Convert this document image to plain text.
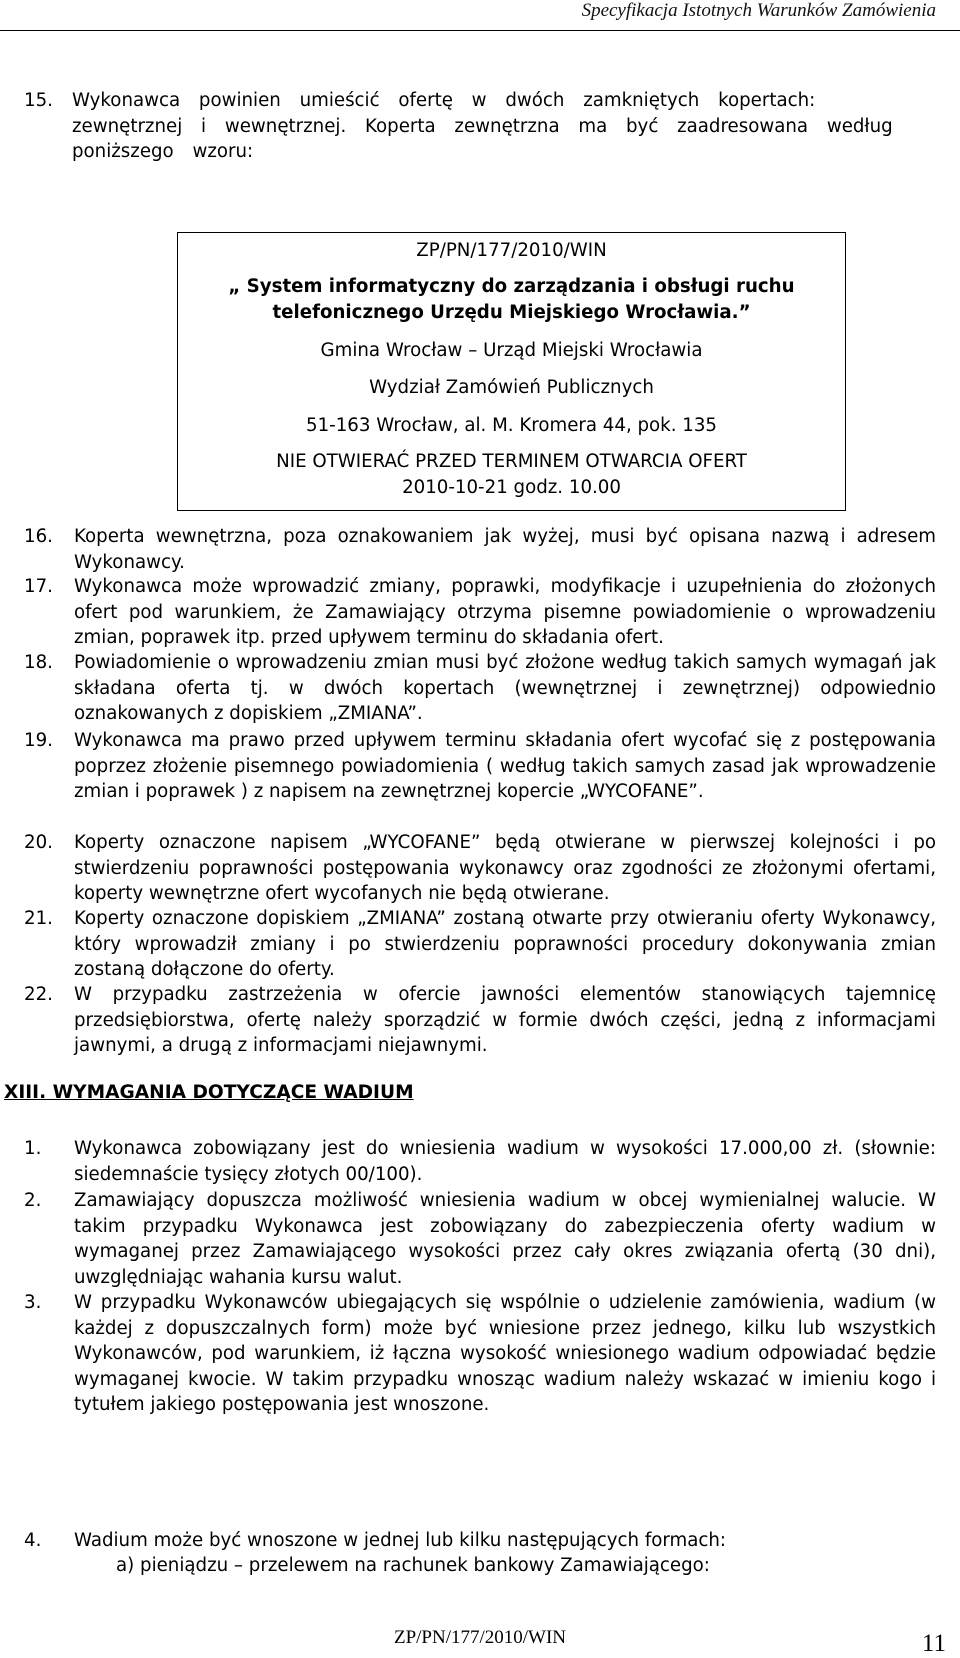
Specyfikacja Istotnych Warunków Zamówienia
15. Wykonawca powinien umieścić ofertę w dwóch zamkniętych kopertach: zewnętrznej i wewnętrznej. Koperta zewnętrzna ma być zaadresowana według poniższego wzoru:
ZP/PN/177/2010/WIN
„ System informatyczny do zarządzania i obsługi ruchu
telefonicznego Urzędu Miejskiego Wrocławia.”
Gmina Wrocław – Urząd Miejski Wrocławia
Wydział Zamówień Publicznych
51-163 Wrocław, al. M. Kromera 44, pok. 135
NIE OTWIERAĆ PRZED TERMINEM OTWARCIA OFERT
2010-10-21 godz. 10.00
16. Koperta wewnętrzna, poza oznakowaniem jak wyżej, musi być opisana nazwą i adresem Wykonawcy.
17. Wykonawca może wprowadzić zmiany, poprawki, modyfikacje i uzupełnienia do złożonych ofert pod warunkiem, że Zamawiający otrzyma pisemne powiadomienie o wprowadzeniu zmian, poprawek itp. przed upływem terminu do składania ofert.
18. Powiadomienie o wprowadzeniu zmian musi być złożone według takich samych wymagań jak składana oferta tj. w dwóch kopertach (wewnętrznej i zewnętrznej) odpowiednio oznakowanych z dopiskiem „ZMIANA”.
19. Wykonawca ma prawo przed upływem terminu składania ofert wycofać się z postępowania poprzez złożenie pisemnego powiadomienia ( według takich samych zasad jak wprowadzenie zmian i poprawek ) z napisem na zewnętrznej kopercie „WYCOFANE”.
20. Koperty oznaczone napisem „WYCOFANE” będą otwierane w pierwszej kolejności i po stwierdzeniu poprawności postępowania wykonawcy oraz zgodności ze złożonymi ofertami, koperty wewnętrzne ofert wycofanych nie będą otwierane.
21. Koperty oznaczone dopiskiem „ZMIANA” zostaną otwarte przy otwieraniu oferty Wykonawcy, który wprowadził zmiany i po stwierdzeniu poprawności procedury dokonywania zmian zostaną dołączone do oferty.
22. W przypadku zastrzeżenia w ofercie jawności elementów stanowiących tajemnicę przedsiębiorstwa, ofertę należy sporządzić w formie dwóch części, jedną z informacjami jawnymi, a drugą z informacjami niejawnymi.
XIII. WYMAGANIA DOTYCZĄCE WADIUM
1. Wykonawca zobowiązany jest do wniesienia wadium w wysokości 17.000,00 zł. (słownie: siedemnaście tysięcy złotych 00/100).
2. Zamawiający dopuszcza możliwość wniesienia wadium w obcej wymienialnej walucie. W takim przypadku Wykonawca jest zobowiązany do zabezpieczenia oferty wadium w wymaganej przez Zamawiającego wysokości przez cały okres związania ofertą (30 dni), uwzględniając wahania kursu walut.
3. W przypadku Wykonawców ubiegających się wspólnie o udzielenie zamówienia, wadium (w każdej z dopuszczalnych form) może być wniesione przez jednego, kilku lub wszystkich Wykonawców, pod warunkiem, iż łączna wysokość wniesionego wadium odpowiadać będzie wymaganej kwocie. W takim przypadku wnosząc wadium należy wskazać w imieniu kogo i tytułem jakiego postępowania jest wnoszone.
4. Wadium może być wnoszone w jednej lub kilku następujących formach:
a) pieniądzu – przelewem na rachunek bankowy Zamawiającego:
ZP/PN/177/2010/WIN	11
